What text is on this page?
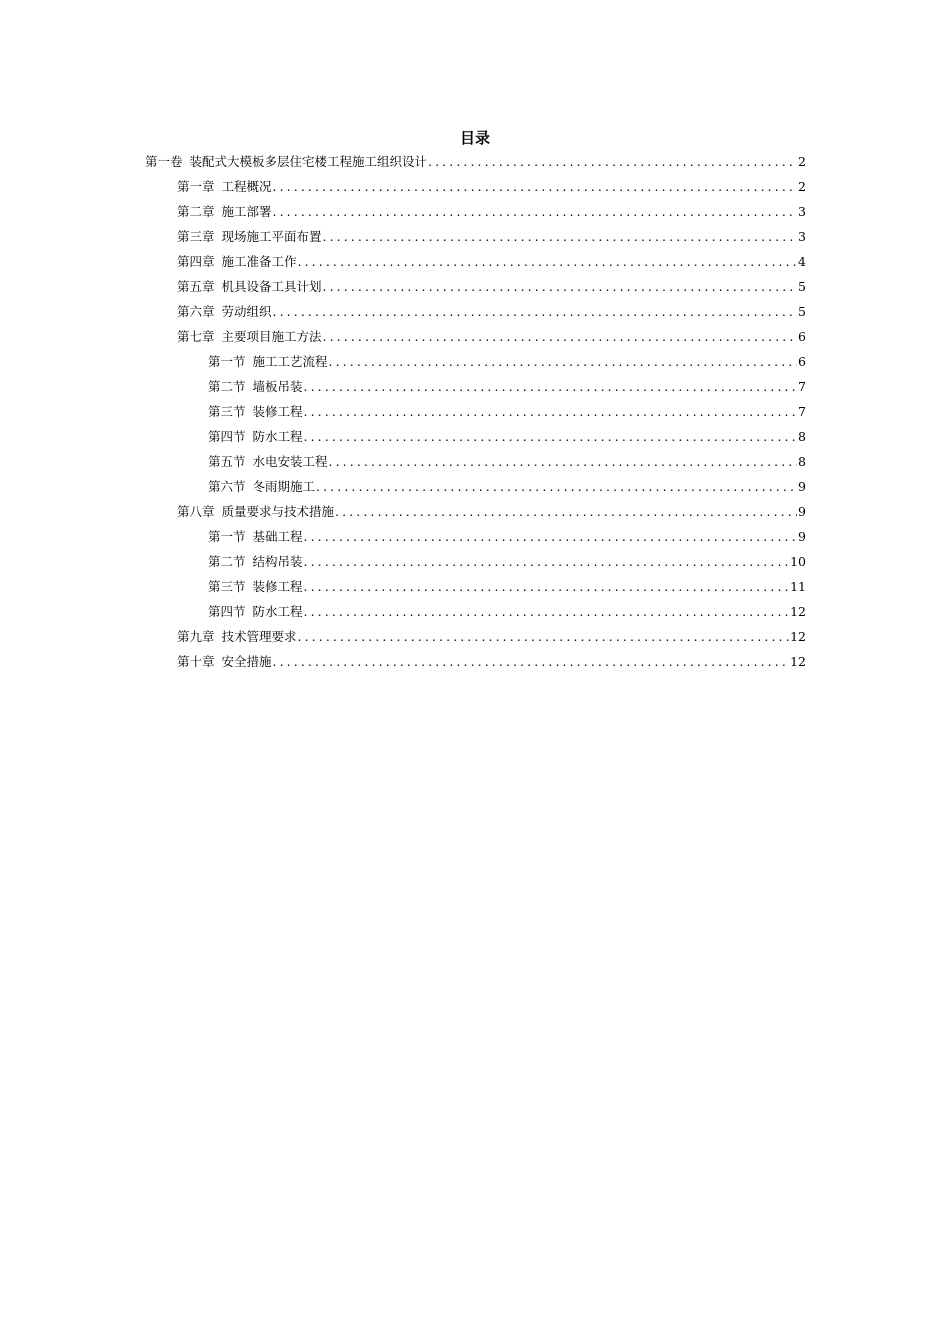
目录
第一卷 装配式大模板多层住宅楼工程施工组织设计 .....	2
第一章 工程概况 .....	2
第二章 施工部署 .....	3
第三章 现场施工平面布置 .....	3
第四章 施工准备工作 .....	4
第五章 机具设备工具计划 .....	5
第六章 劳动组织 .....	5
第七章 主要项目施工方法 .....	6
第一节 施工工艺流程 .....	6
第二节 墙板吊装 .....	7
第三节 装修工程 .....	7
第四节 防水工程 .....	8
第五节 水电安装工程 .....	8
第六节 冬雨期施工 .....	9
第八章 质量要求与技术措施 .....	9
第一节 基础工程 .....	9
第二节 结构吊装 .....	10
第三节 装修工程 .....	11
第四节 防水工程 .....	12
第九章 技术管理要求 .....	12
第十章 安全措施 .....	12
